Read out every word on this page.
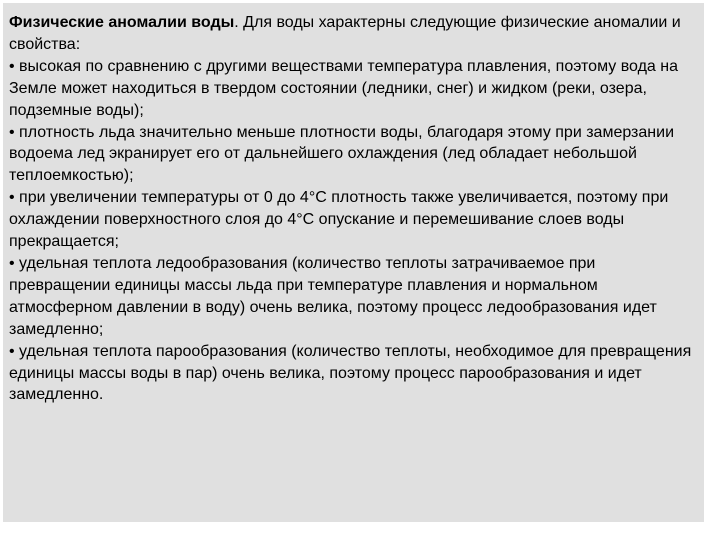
Физические аномалии воды. Для воды характерны следующие физические аномалии и свойства:

• высокая по сравнению с другими веществами температура плавления, поэтому вода на Земле может находиться в твердом состоянии (ледники, снег) и жидком (реки, озера, подземные воды);

• плотность льда значительно меньше плотности воды, благодаря этому при замерзании водоема лед экранирует его от дальнейшего охлаждения (лед обладает небольшой теплоемкостью);

• при увеличении температуры от 0 до 4°С плотность также увеличивается, поэтому при охлаждении поверхностного слоя до 4°С опускание и перемешивание слоев воды прекращается;

• удельная теплота ледообразования (количество теплоты затрачиваемое при превращении единицы массы льда при температуре плавления и нормальном атмосферном давлении в воду) очень велика, поэтому процесс ледообразования идет замедленно;

• удельная теплота парообразования (количество теплоты, необходимое для превращения единицы массы воды в пар) очень велика, поэтому процесс парообразования и идет замедленно.
